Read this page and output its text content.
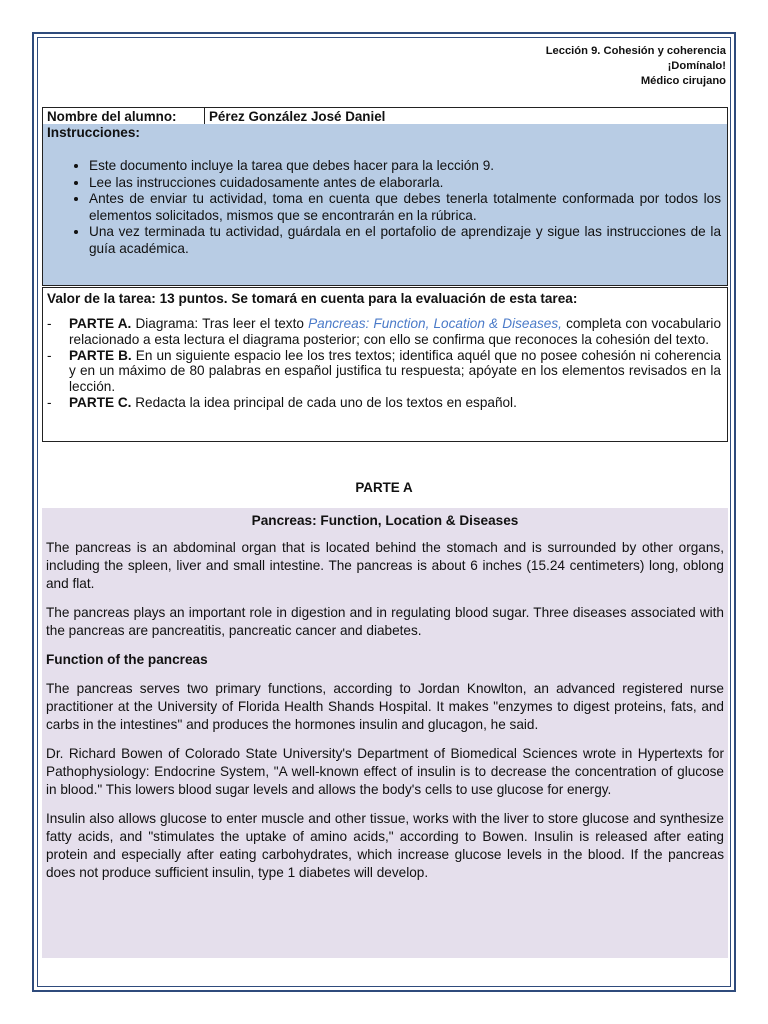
Lección 9. Cohesión y coherencia
¡Domínalo!
Médico cirujano
Nombre del alumno:	Pérez González José Daniel
Instrucciones:
• Este documento incluye la tarea que debes hacer para la lección 9.
• Lee las instrucciones cuidadosamente antes de elaborarla.
• Antes de enviar tu actividad, toma en cuenta que debes tenerla totalmente conformada por todos los elementos solicitados, mismos que se encontrarán en la rúbrica.
• Una vez terminada tu actividad, guárdala en el portafolio de aprendizaje y sigue las instrucciones de la guía académica.
Valor de la tarea: 13 puntos. Se tomará en cuenta para la evaluación de esta tarea:
-	PARTE A. Diagrama: Tras leer el texto Pancreas: Function, Location & Diseases, completa con vocabulario relacionado a esta lectura el diagrama posterior; con ello se confirma que reconoces la cohesión del texto.
-	PARTE B. En un siguiente espacio lee los tres textos; identifica aquél que no posee cohesión ni coherencia y en un máximo de 80 palabras en español justifica tu respuesta; apóyate en los elementos revisados en la lección.
-	PARTE C. Redacta la idea principal de cada uno de los textos en español.
PARTE A
Pancreas: Function, Location & Diseases

The pancreas is an abdominal organ that is located behind the stomach and is surrounded by other organs, including the spleen, liver and small intestine. The pancreas is about 6 inches (15.24 centimeters) long, oblong and flat.

The pancreas plays an important role in digestion and in regulating blood sugar. Three diseases associated with the pancreas are pancreatitis, pancreatic cancer and diabetes.

Function of the pancreas

The pancreas serves two primary functions, according to Jordan Knowlton, an advanced registered nurse practitioner at the University of Florida Health Shands Hospital. It makes "enzymes to digest proteins, fats, and carbs in the intestines" and produces the hormones insulin and glucagon, he said.

Dr. Richard Bowen of Colorado State University's Department of Biomedical Sciences wrote in Hypertexts for Pathophysiology: Endocrine System, "A well-known effect of insulin is to decrease the concentration of glucose in blood." This lowers blood sugar levels and allows the body's cells to use glucose for energy.

Insulin also allows glucose to enter muscle and other tissue, works with the liver to store glucose and synthesize fatty acids, and "stimulates the uptake of amino acids," according to Bowen. Insulin is released after eating protein and especially after eating carbohydrates, which increase glucose levels in the blood. If the pancreas does not produce sufficient insulin, type 1 diabetes will develop.
